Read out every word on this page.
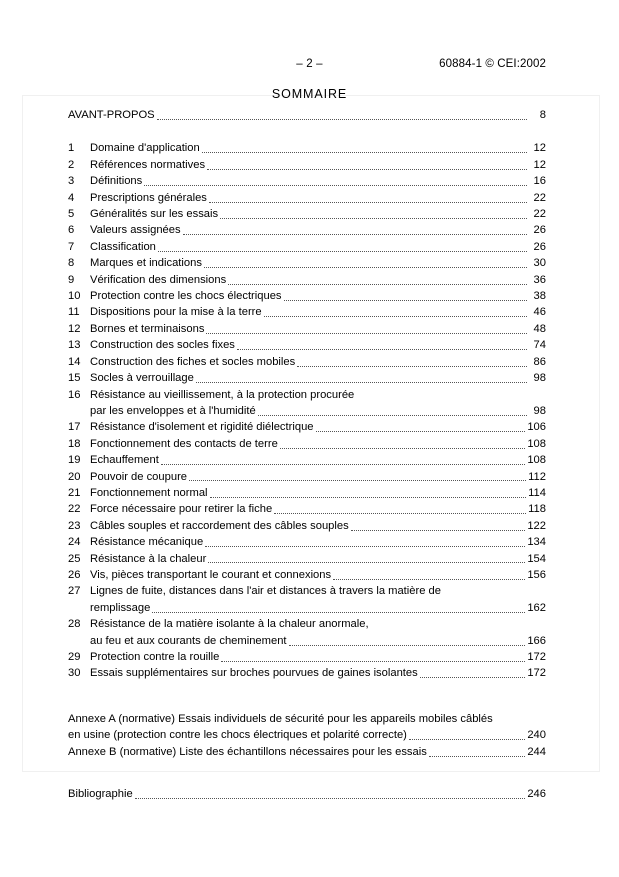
– 2 –	60884-1 © CEI:2002
SOMMAIRE
AVANT-PROPOS	8
1	Domaine d'application	12
2	Références normatives	12
3	Définitions	16
4	Prescriptions générales	22
5	Généralités sur les essais	22
6	Valeurs assignées	26
7	Classification	26
8	Marques et indications	30
9	Vérification des dimensions	36
10 Protection contre les chocs électriques	38
11 Dispositions pour la mise à la terre	46
12 Bornes et terminaisons	48
13 Construction des socles fixes	74
14 Construction des fiches et socles mobiles	86
15 Socles à verrouillage	98
16 Résistance au vieillissement, à la protection procurée
par les enveloppes et à l'humidité	98
17 Résistance d'isolement et rigidité diélectrique	106
18 Fonctionnement des contacts de terre	108
19 Echauffement	108
20 Pouvoir de coupure	112
21 Fonctionnement normal	114
22 Force nécessaire pour retirer la fiche	118
23 Câbles souples et raccordement des câbles souples	122
24 Résistance mécanique	134
25 Résistance à la chaleur	154
26 Vis, pièces transportant le courant et connexions	156
27 Lignes de fuite, distances dans l'air et distances à travers la matière de
remplissage	162
28 Résistance de la matière isolante à la chaleur anormale,
au feu et aux courants de cheminement	166
29 Protection contre la rouille	172
30 Essais supplémentaires sur broches pourvues de gaines isolantes	172
Annexe A (normative) Essais individuels de sécurité pour les appareils mobiles câblés
en usine (protection contre les chocs électriques et polarité correcte)	240
Annexe B (normative) Liste des échantillons nécessaires pour les essais	244
Bibliographie	246
